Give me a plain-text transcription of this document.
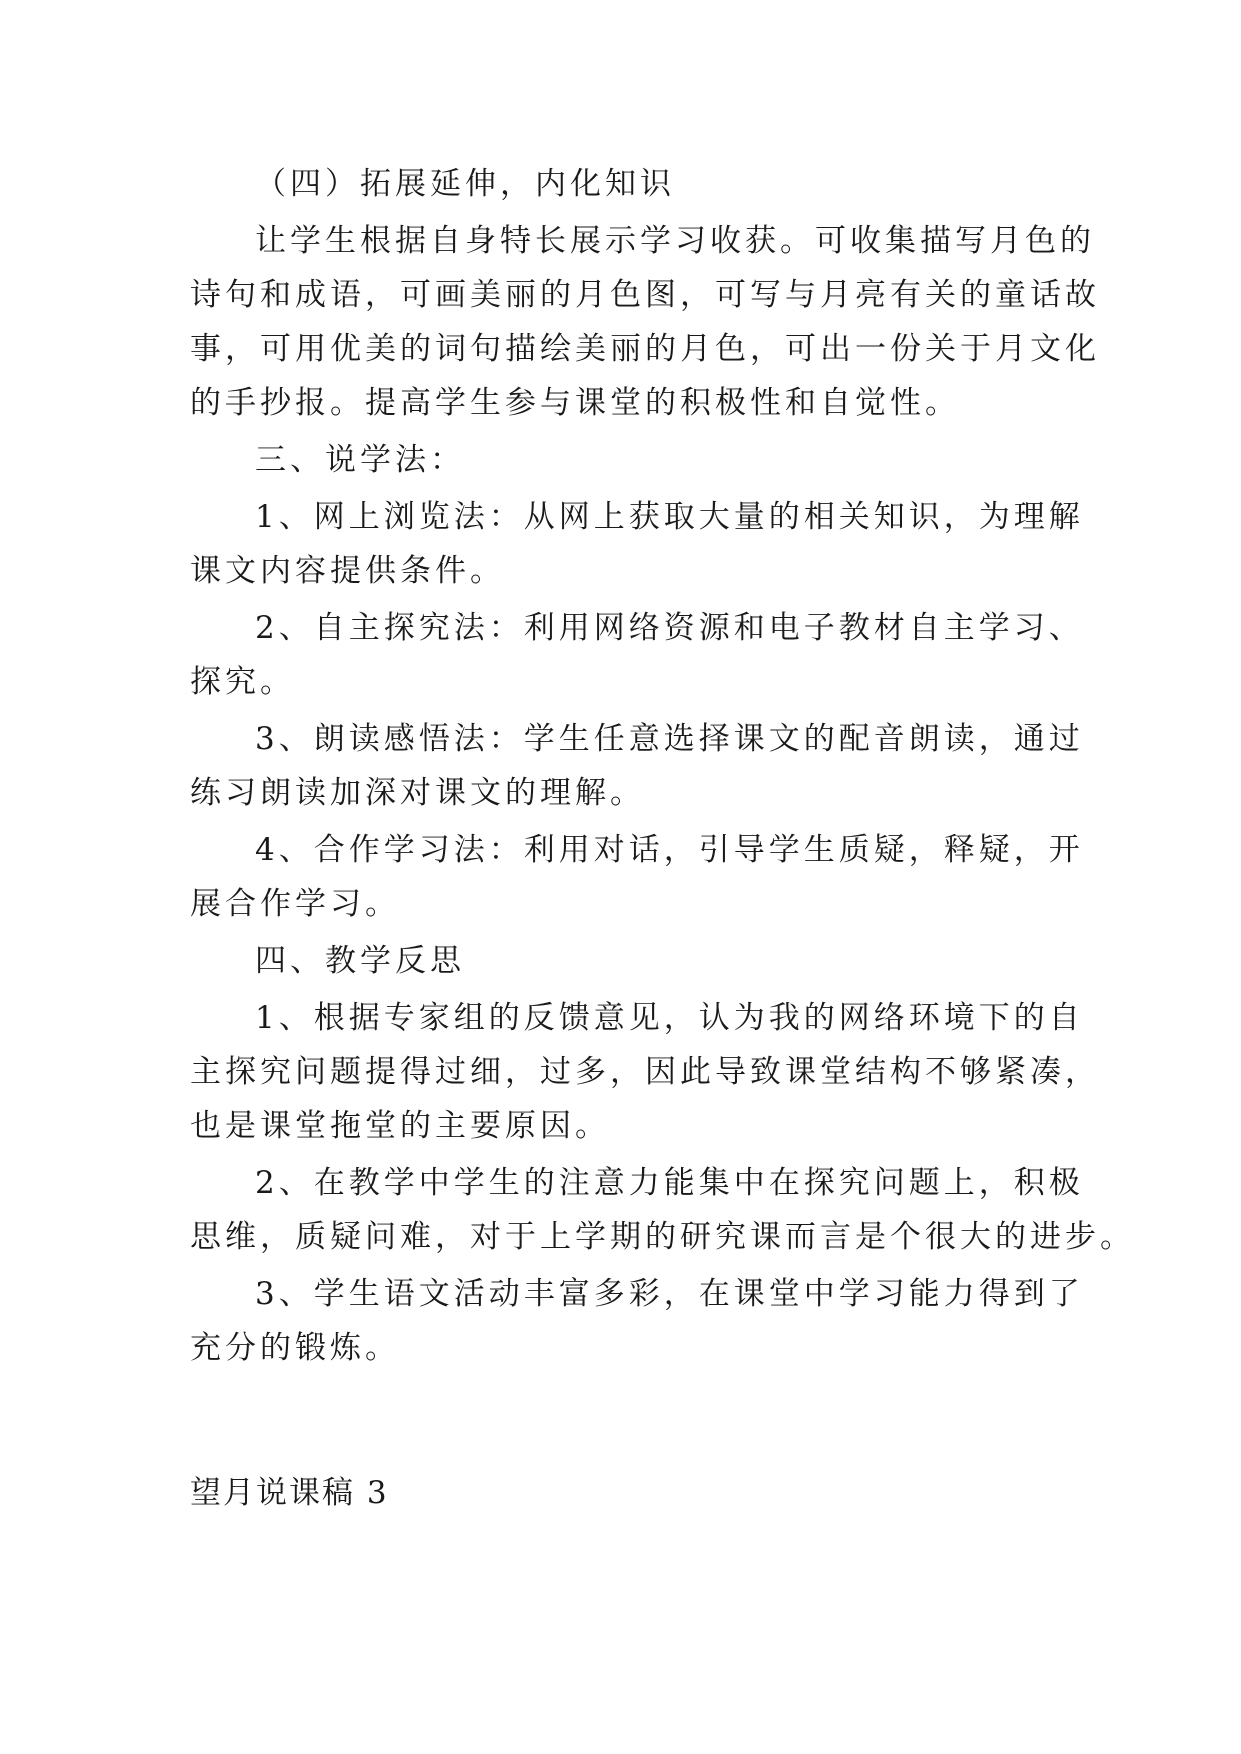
（四）拓展延伸，内化知识
让学生根据自身特长展示学习收获。可收集描写月色的
诗句和成语，可画美丽的月色图，可写与月亮有关的童话故
事，可用优美的词句描绘美丽的月色，可出一份关于月文化
的手抄报。提高学生参与课堂的积极性和自觉性。
三、说学法：
1、网上浏览法：从网上获取大量的相关知识，为理解
课文内容提供条件。
2、自主探究法：利用网络资源和电子教材自主学习、
探究。
3、朗读感悟法：学生任意选择课文的配音朗读，通过
练习朗读加深对课文的理解。
4、合作学习法：利用对话，引导学生质疑，释疑，开
展合作学习。
四、教学反思
1、根据专家组的反馈意见，认为我的网络环境下的自
主探究问题提得过细，过多，因此导致课堂结构不够紧凑，
也是课堂拖堂的主要原因。
2、在教学中学生的注意力能集中在探究问题上，积极
思维，质疑问难，对于上学期的研究课而言是个很大的进步。
3、学生语文活动丰富多彩，在课堂中学习能力得到了
充分的锻炼。
望月说课稿 3
